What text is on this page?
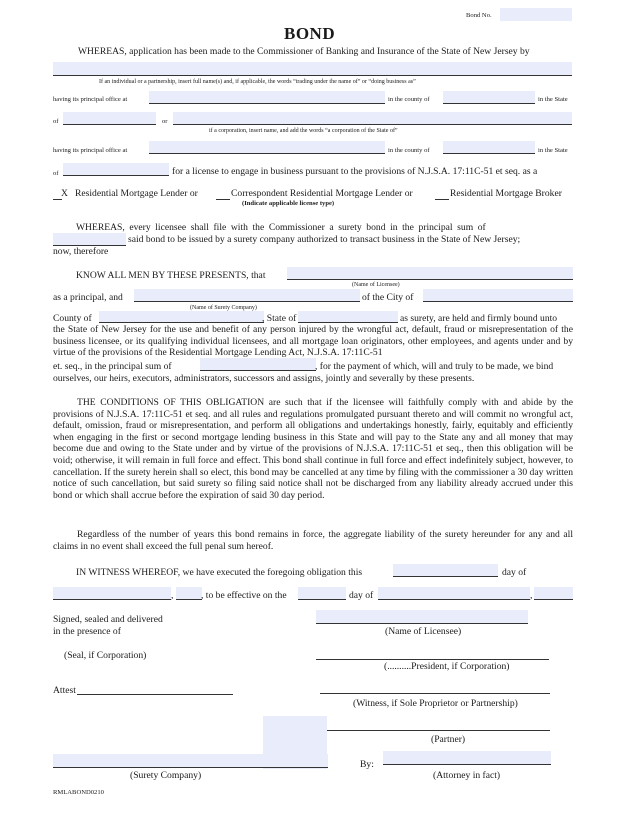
Bond No.
BOND
WHEREAS, application has been made to the Commissioner of Banking and Insurance of the State of New Jersey by
If an individual or a partnership, insert full name(s) and, if applicable, the words “trading under the name of” or “doing business as”
having its principal office at	in the county of	in the State
of	or
if a corporation, insert name, and add the words “a corporation of the State of”
having its principal office at	in the county of	in the State
of	for a license to engage in business pursuant to the provisions of N.J.S.A. 17:11C-51 et seq. as a
X Residential Mortgage Lender or	Correspondent Residential Mortgage Lender or	Residential Mortgage Broker
(Indicate applicable license type)
WHEREAS, every licensee shall file with the Commissioner a surety bond in the principal sum of
said bond to be issued by a surety company authorized to transact business in the State of New Jersey;
now, therefore
KNOW ALL MEN BY THESE PRESENTS, that
(Name of Licensee)
as a principal, and	of the City of
(Name of Surety Company)
County of	, State of	as surety, are held and firmly bound unto
the State of New Jersey for the use and benefit of any person injured by the wrongful act, default, fraud or misrepresentation of the business licensee, or its qualifying individual licensees, and all mortgage loan originators, other employees, and agents under and by virtue of the provisions of the Residential Mortgage Lending Act, N.J.S.A. 17:11C-51
et. seq., in the principal sum of	, for the payment of which, will and truly to be made, we bind
ourselves, our heirs, executors, administrators, successors and assigns, jointly and severally by these presents.
THE CONDITIONS OF THIS OBLIGATION are such that if the licensee will faithfully comply with and abide by the provisions of N.J.S.A. 17:11C-51 et seq. and all rules and regulations promulgated pursuant thereto and will commit no wrongful act, default, omission, fraud or misrepresentation, and perform all obligations and undertakings honestly, fairly, equitably and efficiently when engaging in the first or second mortgage lending business in this State and will pay to the State any and all money that may become due and owing to the State under and by virtue of the provisions of N.J.S.A. 17:11C-51 et seq., then this obligation will be void; otherwise, it will remain in full force and effect. This bond shall continue in full force and effect indefinitely subject, however, to cancellation. If the surety herein shall so elect, this bond may be cancelled at any time by filing with the commissioner a 30 day written notice of such cancellation, but said surety so filing said notice shall not be discharged from any liability already accrued under this bond or which shall accrue before the expiration of said 30 day period.
Regardless of the number of years this bond remains in force, the aggregate liability of the surety hereunder for any and all claims in no event shall exceed the full penal sum hereof.
IN WITNESS WHEREOF, we have executed the foregoing obligation this	day of
,	, to be effective on the	day of	,
Signed, sealed and delivered
in the presence of	(Name of Licensee)
(Seal, if Corporation)
(..........President, if Corporation)
Attest
(Witness, if Sole Proprietor or Partnership)
(Partner)
(Surety Company)
By:
(Attorney in fact)
RMLABOND0210
